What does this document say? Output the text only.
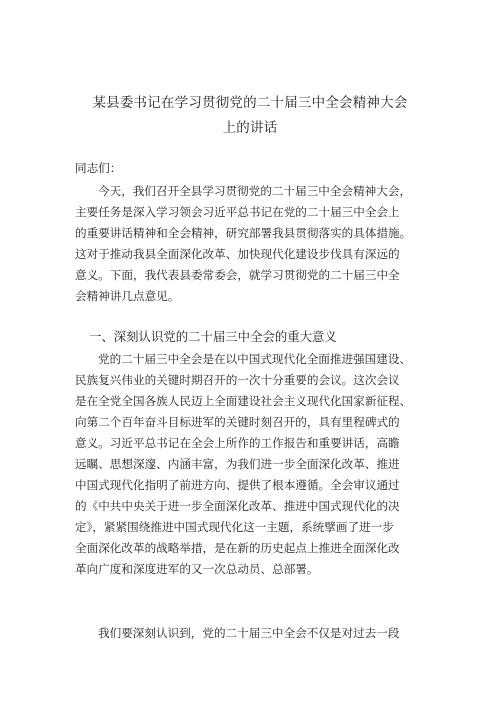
某县委书记在学习贯彻党的二十届三中全会精神大会
上的讲话
同志们：
今天，我们召开全县学习贯彻党的二十届三中全会精神大会，
主要任务是深入学习领会习近平总书记在党的二十届三中全会上
的重要讲话精神和全会精神，研究部署我县贯彻落实的具体措施。
这对于推动我县全面深化改革、加快现代化建设步伐具有深远的
意义。下面，我代表县委常委会，就学习贯彻党的二十届三中全
会精神讲几点意见。
一、深刻认识党的二十届三中全会的重大意义
党的二十届三中全会是在以中国式现代化全面推进强国建设、
民族复兴伟业的关键时期召开的一次十分重要的会议。这次会议
是在全党全国各族人民迈上全面建设社会主义现代化国家新征程、
向第二个百年奋斗目标进军的关键时刻召开的，具有里程碑式的
意义。习近平总书记在全会上所作的工作报告和重要讲话，高瞻
远瞩、思想深邃、内涵丰富，为我们进一步全面深化改革、推进
中国式现代化指明了前进方向、提供了根本遵循。全会审议通过
的《中共中央关于进一步全面深化改革、推进中国式现代化的决
定》，紧紧围绕推进中国式现代化这一主题，系统擘画了进一步
全面深化改革的战略举措，是在新的历史起点上推进全面深化改
革向广度和深度进军的又一次总动员、总部署。
我们要深刻认识到，党的二十届三中全会不仅是对过去一段
